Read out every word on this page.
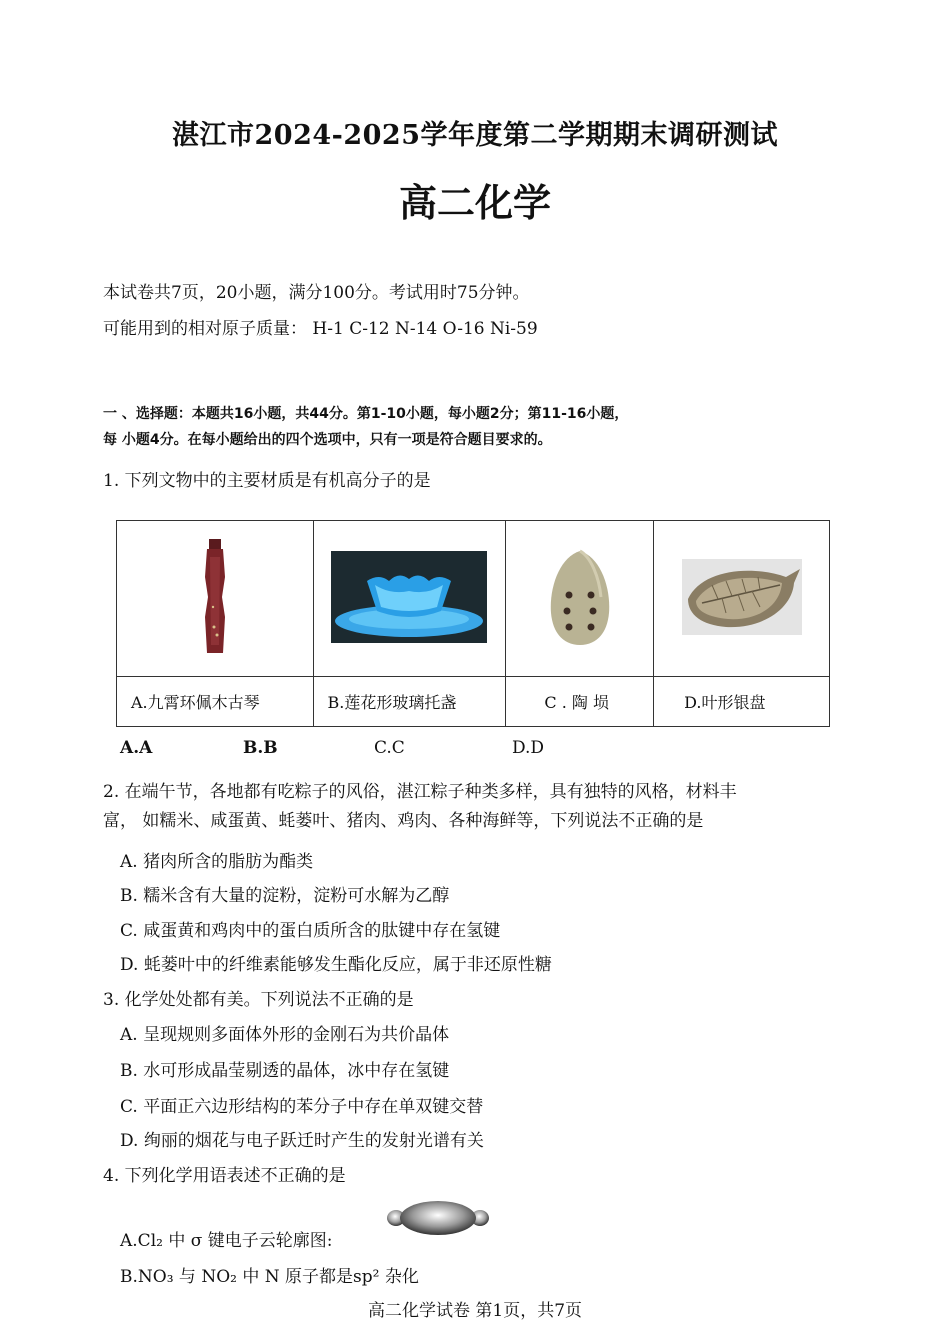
湛江市2024-2025学年度第二学期期末调研测试
高二化学
本试卷共7页，20小题，满分100分。考试用时75分钟。
可能用到的相对原子质量： H-1 C-12 N-14 O-16 Ni-59
一 、选择题：本题共16小题，共44分。第1-10小题，每小题2分；第11-16小题，
每 小题4分。在每小题给出的四个选项中，只有一项是符合题目要求的。
1. 下列文物中的主要材质是有机高分子的是

A.九霄环佩木古琴	B.莲花形玻璃托盏	C . 陶 埙	D.叶形银盘
A.A	B.B	C.C	D.D
2. 在端午节，各地都有吃粽子的风俗，湛江粽子种类多样，具有独特的风格，材料丰
富， 如糯米、咸蛋黄、蚝蒌叶、猪肉、鸡肉、各种海鲜等，下列说法不正确的是
A. 猪肉所含的脂肪为酯类
B. 糯米含有大量的淀粉，淀粉可水解为乙醇
C. 咸蛋黄和鸡肉中的蛋白质所含的肽键中存在氢键
D. 蚝蒌叶中的纤维素能够发生酯化反应，属于非还原性糖
3. 化学处处都有美。下列说法不正确的是
A. 呈现规则多面体外形的金刚石为共价晶体
B. 水可形成晶莹剔透的晶体，冰中存在氢键
C. 平面正六边形结构的苯分子中存在单双键交替
D. 绚丽的烟花与电子跃迁时产生的发射光谱有关
4. 下列化学用语表述不正确的是
A.Cl₂ 中 σ 键电子云轮廓图:
B.NO₃ 与 NO₂ 中 N 原子都是sp² 杂化
高二化学试卷 第1页，共7页
